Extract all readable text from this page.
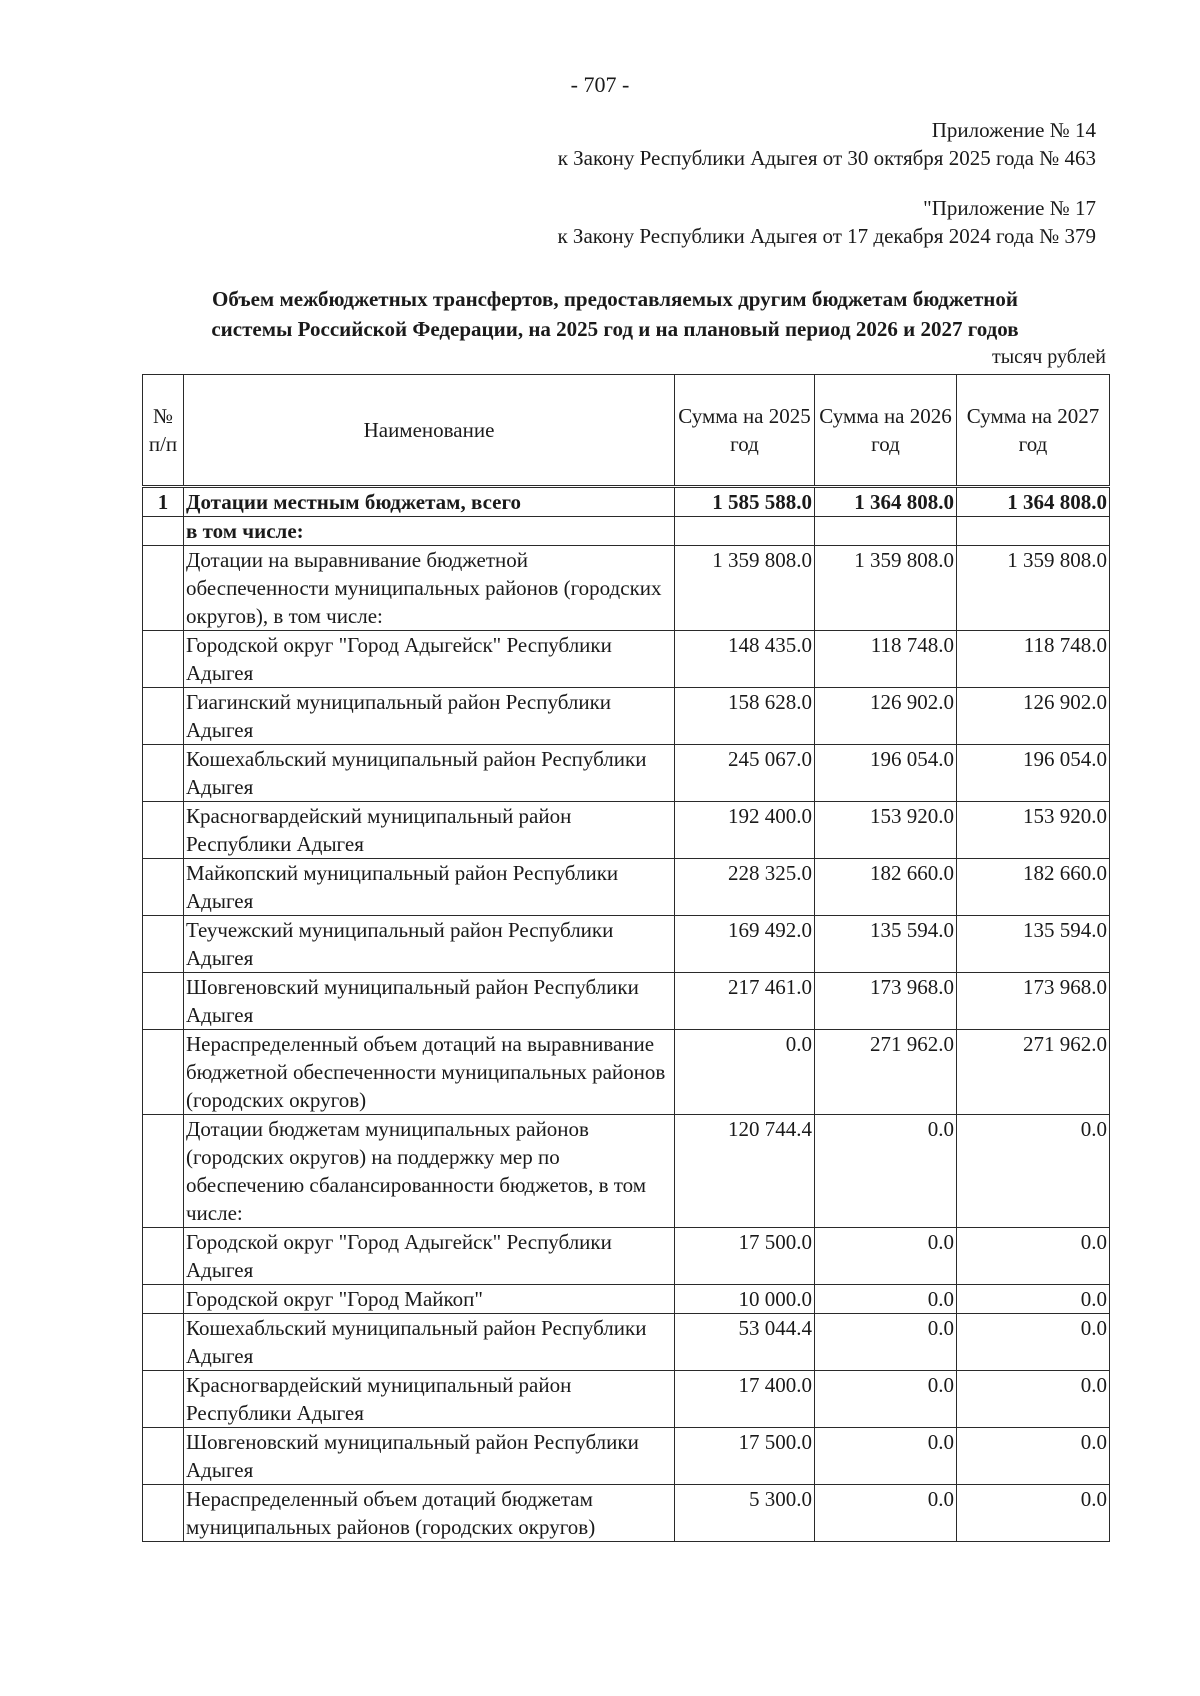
- 707 -
Приложение № 14
к Закону Республики Адыгея от 30 октября 2025 года № 463
"Приложение № 17
к Закону Республики Адыгея от 17 декабря 2024 года № 379
Объем межбюджетных трансфертов, предоставляемых другим бюджетам бюджетной
системы Российской Федерации, на 2025 год и на плановый период 2026 и 2027 годов
тысяч рублей
№ п/п	Наименование	Сумма на 2025 год	Сумма на 2026 год	Сумма на 2027 год
1	Дотации местным бюджетам, всего	1 585 588.0	1 364 808.0	1 364 808.0
	в том числе:			
	Дотации на выравнивание бюджетной обеспеченности муниципальных районов (городских округов), в том числе:	1 359 808.0	1 359 808.0	1 359 808.0
	Городской округ "Город Адыгейск" Республики Адыгея	148 435.0	118 748.0	118 748.0
	Гиагинский муниципальный район Республики Адыгея	158 628.0	126 902.0	126 902.0
	Кошехабльский муниципальный район Республики Адыгея	245 067.0	196 054.0	196 054.0
	Красногвардейский муниципальный район Республики Адыгея	192 400.0	153 920.0	153 920.0
	Майкопский муниципальный район Республики Адыгея	228 325.0	182 660.0	182 660.0
	Теучежский муниципальный район Республики Адыгея	169 492.0	135 594.0	135 594.0
	Шовгеновский муниципальный район Республики Адыгея	217 461.0	173 968.0	173 968.0
	Нераспределенный объем дотаций на выравнивание бюджетной обеспеченности муниципальных районов (городских округов)	0.0	271 962.0	271 962.0
	Дотации бюджетам муниципальных районов (городских округов) на поддержку мер по обеспечению сбалансированности бюджетов, в том числе:	120 744.4	0.0	0.0
	Городской округ "Город Адыгейск" Республики Адыгея	17 500.0	0.0	0.0
	Городской округ "Город Майкоп"	10 000.0	0.0	0.0
	Кошехабльский муниципальный район Республики Адыгея	53 044.4	0.0	0.0
	Красногвардейский муниципальный район Республики Адыгея	17 400.0	0.0	0.0
	Шовгеновский муниципальный район Республики Адыгея	17 500.0	0.0	0.0
	Нераспределенный объем дотаций бюджетам муниципальных районов (городских округов)	5 300.0	0.0	0.0
